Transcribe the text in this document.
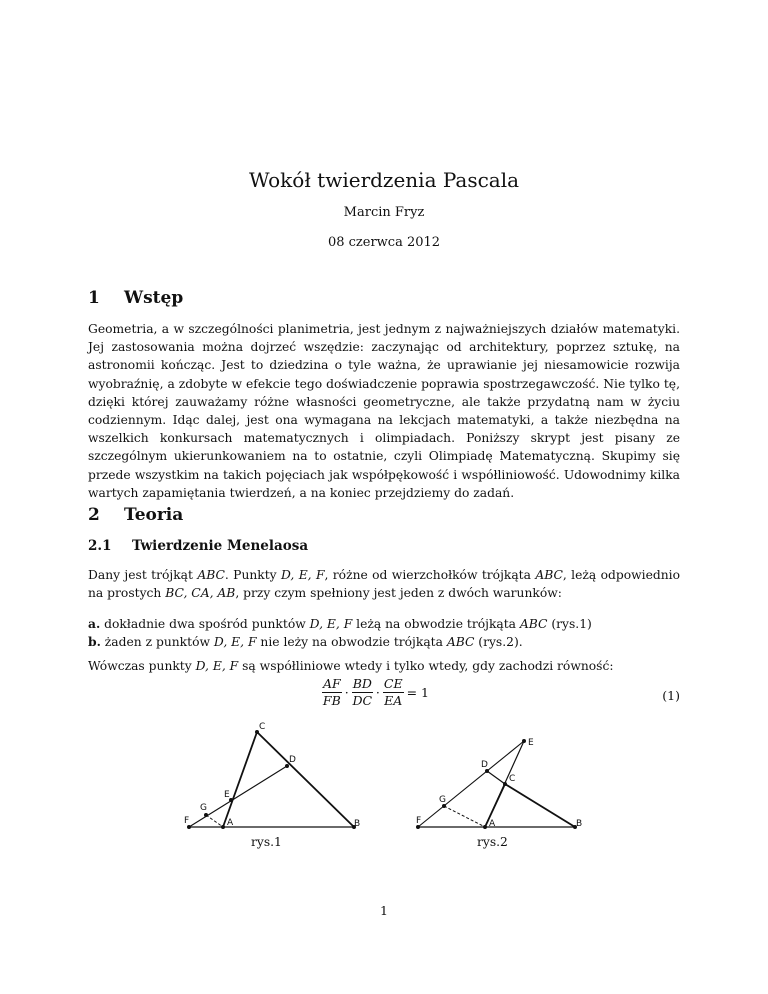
Wokół twierdzenia Pascala
Marcin Fryz
08 czerwca 2012
1 Wstęp
Geometria, a w szczególności planimetria, jest jednym z najważniejszych działów matematyki. Jej zastosowania można dojrzeć wszędzie: zaczynając od architektury, poprzez sztukę, na astronomii kończąc. Jest to dziedzina o tyle ważna, że uprawianie jej niesamowicie rozwija wyobraźnię, a zdobyte w efekcie tego doświadczenie poprawia spostrzegawczość. Nie tylko tę, dzięki której zauważamy różne własności geometryczne, ale także przydatną nam w życiu codziennym. Idąc dalej, jest ona wymagana na lekcjach matematyki, a także niezbędna na wszelkich konkursach matematycznych i olimpiadach. Poniższy skrypt jest pisany ze szczególnym ukierunkowaniem na to ostatnie, czyli Olimpiadę Matematyczną. Skupimy się przede wszystkim na takich pojęciach jak współpękowość i współliniowość. Udowodnimy kilka wartych zapamiętania twierdzeń, a na koniec przejdziemy do zadań.
2 Teoria
2.1 Twierdzenie Menelaosa
Dany jest trójkąt ABC. Punkty D, E, F, różne od wierzchołków trójkąta ABC, leżą odpowiednio na prostych BC, CA, AB, przy czym spełniony jest jeden z dwóch warunków:
a. dokładnie dwa spośród punktów D, E, F leżą na obwodzie trójkąta ABC (rys.1)
b. żaden z punktów D, E, F nie leży na obwodzie trójkąta ABC (rys.2).
Wówczas punkty D, E, F są współliniowe wtedy i tylko wtedy, gdy zachodzi równość:
$\frac{AF}{FB} \cdot \frac{BD}{DC} \cdot \frac{CE}{EA} = 1$	(1)
C
D
E
G
F	A	B
E
D
C
G
F	A	B
rys.1	rys.2
1
